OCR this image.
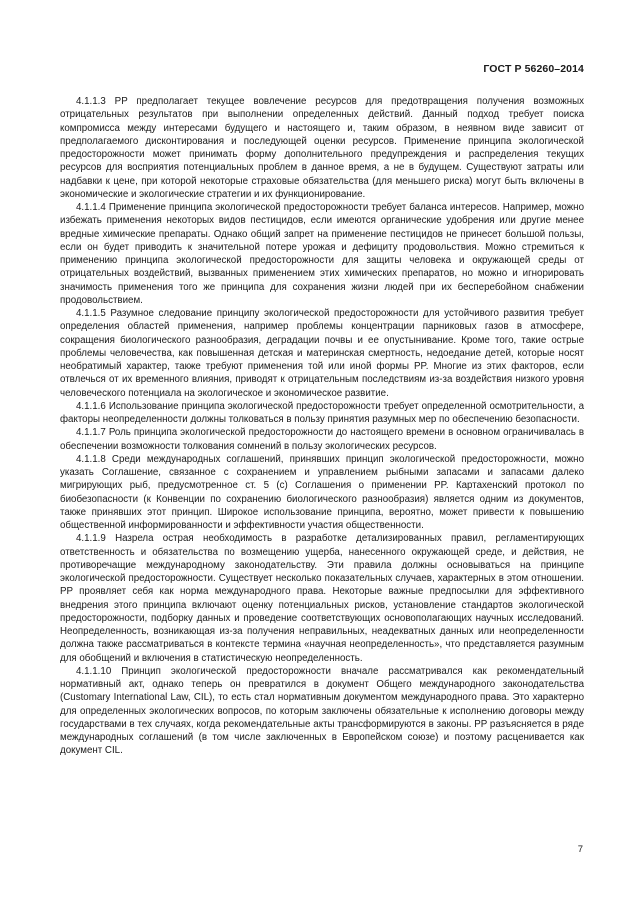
ГОСТ Р 56260–2014

4.1.1.3 PP предполагает текущее вовлечение ресурсов для предотвращения получения возможных отрицательных результатов при выполнении определенных действий. Данный подход требует поиска компромисса между интересами будущего и настоящего и, таким образом, в неявном виде зависит от предполагаемого дисконтирования и последующей оценки ресурсов. Применение принципа экологической предосторожности может принимать форму дополнительного предупреждения и распределения текущих ресурсов для восприятия потенциальных проблем в данное время, а не в будущем. Существуют затраты или надбавки к цене, при которой некоторые страховые обязательства (для меньшего риска) могут быть включены в экономические и экологические стратегии и их функционирование.

4.1.1.4 Применение принципа экологической предосторожности требует баланса интересов. Например, можно избежать применения некоторых видов пестицидов, если имеются органические удобрения или другие менее вредные химические препараты. Однако общий запрет на применение пестицидов не принесет большой пользы, если он будет приводить к значительной потере урожая и дефициту продовольствия. Можно стремиться к применению принципа экологической предосторожности для защиты человека и окружающей среды от отрицательных воздействий, вызванных применением этих химических препаратов, но можно и игнорировать значимость применения того же принципа для сохранения жизни людей при их бесперебойном снабжении продовольствием.

4.1.1.5 Разумное следование принципу экологической предосторожности для устойчивого развития требует определения областей применения, например проблемы концентрации парниковых газов в атмосфере, сокращения биологического разнообразия, деградации почвы и ее опустынивание. Кроме того, такие острые проблемы человечества, как повышенная детская и материнская смертность, недоедание детей, которые носят необратимый характер, также требуют применения той или иной формы PP. Многие из этих факторов, если отвлечься от их временного влияния, приводят к отрицательным последствиям из-за воздействия низкого уровня человеческого потенциала на экологическое и экономическое развитие.

4.1.1.6 Использование принципа экологической предосторожности требует определенной осмотрительности, а факторы неопределенности должны толковаться в пользу принятия разумных мер по обеспечению безопасности.

4.1.1.7 Роль принципа экологической предосторожности до настоящего времени в основном ограничивалась в обеспечении возможности толкования сомнений в пользу экологических ресурсов.

4.1.1.8 Среди международных соглашений, принявших принцип экологической предосторожности, можно указать Соглашение, связанное с сохранением и управлением рыбными запасами и запасами далеко мигрирующих рыб, предусмотренное ст. 5 (с) Соглашения о применении PP. Картахенский протокол по биобезопасности (к Конвенции по сохранению биологического разнообразия) является одним из документов, также принявших этот принцип. Широкое использование принципа, вероятно, может привести к повышению общественной информированности и эффективности участия общественности.

4.1.1.9 Назрела острая необходимость в разработке детализированных правил, регламентирующих ответственность и обязательства по возмещению ущерба, нанесенного окружающей среде, и действия, не противоречащие международному законодательству. Эти правила должны основываться на принципе экологической предосторожности. Существует несколько показательных случаев, характерных в этом отношении. PP проявляет себя как норма международного права. Некоторые важные предпосылки для эффективного внедрения этого принципа включают оценку потенциальных рисков, установление стандартов экологической предосторожности, подборку данных и проведение соответствующих основополагающих научных исследований. Неопределенность, возникающая из-за получения неправильных, неадекватных данных или неопределенности должна также рассматриваться в контексте термина «научная неопределенность», что представляется разумным для обобщений и включения в статистическую неопределенность.

4.1.1.10 Принцип экологической предосторожности вначале рассматривался как рекомендательный нормативный акт, однако теперь он превратился в документ Общего международного законодательства (Customary International Law, CIL), то есть стал нормативным документом международного права. Это характерно для определенных экологических вопросов, по которым заключены обязательные к исполнению договоры между государствами в тех случаях, когда рекомендательные акты трансформируются в законы. PP разъясняется в ряде международных соглашений (в том числе заключенных в Европейском союзе) и поэтому расценивается как документ CIL.

7
